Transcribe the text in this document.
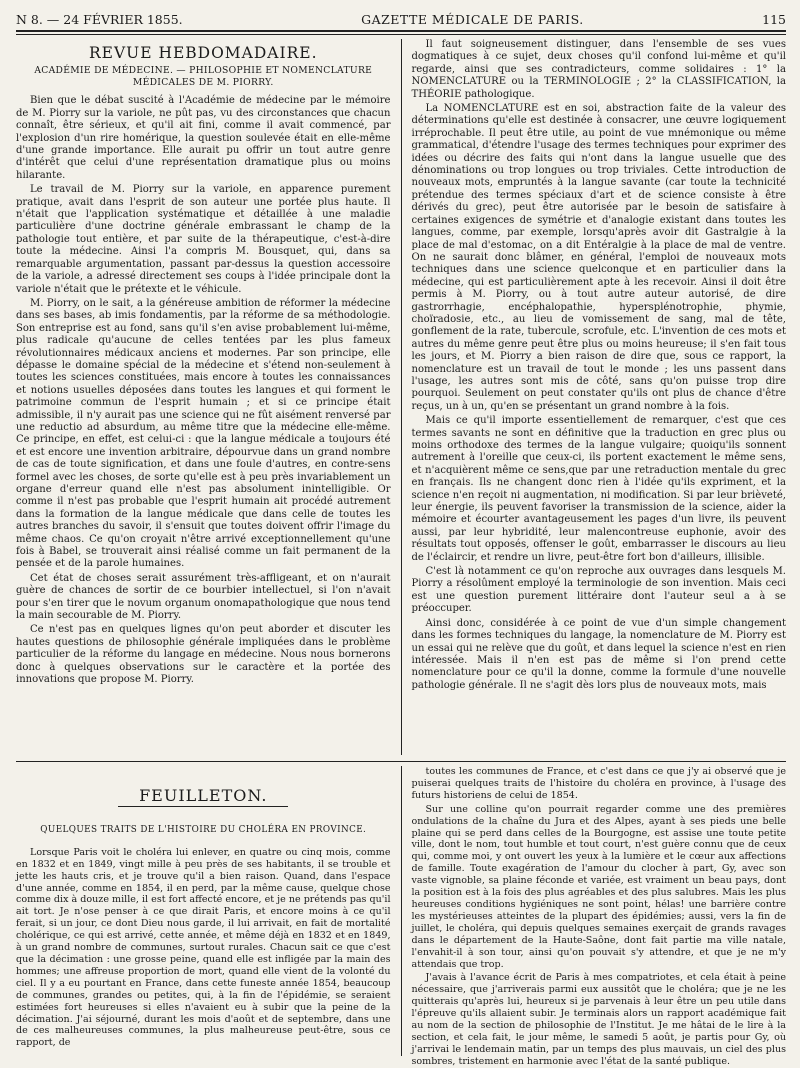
N 8. — 24 FÉVRIER 1855.	GAZETTE MÉDICALE DE PARIS.	115
REVUE HEBDOMADAIRE.
ACADÉMIE DE MÉDECINE. — PHILOSOPHIE ET NOMENCLATURE MÉDICALES DE M. PIORRY.

Bien que le débat suscité à l'Académie de médecine par le mémoire de M. Piorry sur la variole, ne pût pas, vu des circonstances que chacun connaît, être sérieux, et qu'il ait fini, comme il avait commencé, par l'explosion d'un rire homérique, la question soulevée était en elle-même d'une grande importance. Elle aurait pu offrir un tout autre genre d'intérêt que celui d'une représentation dramatique plus ou moins hilarante.

Le travail de M. Piorry sur la variole, en apparence purement pratique, avait dans l'esprit de son auteur une portée plus haute. Il n'était que l'application systématique et détaillée à une maladie particulière d'une doctrine générale embrassant le champ de la pathologie tout entière, et par suite de la thérapeutique, c'est-à-dire toute la médecine. Ainsi l'a compris M. Bousquet, qui, dans sa remarquable argumentation, passant par-dessus la question accessoire de la variole, a adressé directement ses coups à l'idée principale dont la variole n'était que le prétexte et le véhicule.

M. Piorry, on le sait, a la généreuse ambition de réformer la médecine dans ses bases, ab imis fondamentis, par la réforme de sa méthodologie. Son entreprise est au fond, sans qu'il s'en avise probablement lui-même, plus radicale qu'aucune de celles tentées par les plus fameux révolutionnaires médicaux anciens et modernes. Par son principe, elle dépasse le domaine spécial de la médecine et s'étend non-seulement à toutes les sciences constituées, mais encore à toutes les connaissances et notions usuelles déposées dans toutes les langues et qui forment le patrimoine commun de l'esprit humain ; et si ce principe était admissible, il n'y aurait pas une science qui ne fût aisément renversé par une reductio ad absurdum, au même titre que la médecine elle-même. Ce principe, en effet, est celui-ci : que la langue médicale a toujours été et est encore une invention arbitraire, dépourvue dans un grand nombre de cas de toute signification, et dans une foule d'autres, en contre-sens formel avec les choses, de sorte qu'elle est à peu près invariablement un organe d'erreur quand elle n'est pas absolument inintelligible. Or comme il n'est pas probable que l'esprit humain ait procédé autrement dans la formation de la langue médicale que dans celle de toutes les autres branches du savoir, il s'ensuit que toutes doivent offrir l'image du même chaos. Ce qu'on croyait n'être arrivé exceptionnellement qu'une fois à Babel, se trouverait ainsi réalisé comme un fait permanent de la pensée et de la parole humaines.

Cet état de choses serait assurément très-affligeant, et on n'aurait guère de chances de sortir de ce bourbier intellectuel, si l'on n'avait pour s'en tirer que le novum organum onomapathologique que nous tend la main secourable de M. Piorry.

Ce n'est pas en quelques lignes qu'on peut aborder et discuter les hautes questions de philosophie générale impliquées dans le problème particulier de la réforme du langage en médecine. Nous nous bornerons donc à quelques observations sur le caractère et la portée des innovations que propose M. Piorry.

Il faut soigneusement distinguer, dans l'ensemble de ses vues dogmatiques à ce sujet, deux choses qu'il confond lui-même et qu'il regarde, ainsi que ses contradicteurs, comme solidaires : 1° la NOMENCLATURE ou la TERMINOLOGIE ; 2° la CLASSIFICATION, la THÉORIE pathologique.

La NOMENCLATURE est en soi, abstraction faite de la valeur des déterminations qu'elle est destinée à consacrer, une œuvre logiquement irréprochable. Il peut être utile, au point de vue mnémonique ou même grammatical, d'étendre l'usage des termes techniques pour exprimer des idées ou décrire des faits qui n'ont dans la langue usuelle que des dénominations ou trop longues ou trop triviales. Cette introduction de nouveaux mots, empruntés à la langue savante (car toute la technicité prétendue des termes spéciaux d'art et de science consiste à être dérivés du grec), peut être autorisée par le besoin de satisfaire à certaines exigences de symétrie et d'analogie existant dans toutes les langues, comme, par exemple, lorsqu'après avoir dit Gastralgie à la place de mal d'estomac, on a dit Entéralgie à la place de mal de ventre. On ne saurait donc blâmer, en général, l'emploi de nouveaux mots techniques dans une science quelconque et en particulier dans la médecine, qui est particulièrement apte à les recevoir. Ainsi il doit être permis à M. Piorry, ou à tout autre auteur autorisé, de dire gastrorrhagie, encéphalopathie, hypersplénotrophie, phymie, choïradosie, etc., au lieu de vomissement de sang, mal de tête, gonflement de la rate, tubercule, scrofule, etc. L'invention de ces mots et autres du même genre peut être plus ou moins heureuse; il s'en fait tous les jours, et M. Piorry a bien raison de dire que, sous ce rapport, la nomenclature est un travail de tout le monde ; les uns passent dans l'usage, les autres sont mis de côté, sans qu'on puisse trop dire pourquoi. Seulement on peut constater qu'ils ont plus de chance d'être reçus, un à un, qu'en se présentant un grand nombre à la fois.

Mais ce qu'il importe essentiellement de remarquer, c'est que ces termes savants ne sont en définitive que la traduction en grec plus ou moins orthodoxe des termes de la langue vulgaire; quoiqu'ils sonnent autrement à l'oreille que ceux-ci, ils portent exactement le même sens, et n'acquièrent même ce sens,que par une retraduction mentale du grec en français. Ils ne changent donc rien à l'idée qu'ils expriment, et la science n'en reçoit ni augmentation, ni modification. Si par leur brièveté, leur énergie, ils peuvent favoriser la transmission de la science, aider la mémoire et écourter avantageusement les pages d'un livre, ils peuvent aussi, par leur hybridité, leur malencontreuse euphonie, avoir des résultats tout opposés, offenser le goût, embarrasser le discours au lieu de l'éclaircir, et rendre un livre, peut-être fort bon d'ailleurs, illisible.

C'est là notamment ce qu'on reproche aux ouvrages dans lesquels M. Piorry a résolûment employé la terminologie de son invention. Mais ceci est une question purement littéraire dont l'auteur seul a à se préoccuper.

Ainsi donc, considérée à ce point de vue d'un simple changement dans les formes techniques du langage, la nomenclature de M. Piorry est un essai qui ne relève que du goût, et dans lequel la science n'est en rien intéressée. Mais il n'en est pas de même si l'on prend cette nomenclature pour ce qu'il la donne, comme la formule d'une nouvelle pathologie générale. Il ne s'agit dès lors plus de nouveaux mots, mais

FEUILLETON.
QUELQUES TRAITS DE L'HISTOIRE DU CHOLÉRA EN PROVINCE.

Lorsque Paris voit le choléra lui enlever, en quatre ou cinq mois, comme en 1832 et en 1849, vingt mille à peu près de ses habitants, il se trouble et jette les hauts cris, et je trouve qu'il a bien raison. Quand, dans l'espace d'une année, comme en 1854, il en perd, par la même cause, quelque chose comme dix à douze mille, il est fort affecté encore, et je ne prétends pas qu'il ait tort. Je n'ose penser à ce que dirait Paris, et encore moins à ce qu'il ferait, si un jour, ce dont Dieu nous garde, il lui arrivait, en fait de mortalité cholérique, ce qui est arrivé, cette année, et même déjà en 1832 et en 1849, à un grand nombre de communes, surtout rurales. Chacun sait ce que c'est que la décimation : une grosse peine, quand elle est infligée par la main des hommes; une affreuse proportion de mort, quand elle vient de la volonté du ciel. Il y a eu pourtant en France, dans cette funeste année 1854, beaucoup de communes, grandes ou petites, qui, à la fin de l'épidémie, se seraient estimées fort heureuses si elles n'avaient eu à subir que la peine de la décimation. J'ai séjourné, durant les mois d'août et de septembre, dans une de ces malheureuses communes, la plus malheureuse peut-être, sous ce rapport, de

toutes les communes de France, et c'est dans ce que j'y ai observé que je puiserai quelques traits de l'histoire du choléra en province, à l'usage des futurs historiens de celui de 1854.

Sur une colline qu'on pourrait regarder comme une des premières ondulations de la chaîne du Jura et des Alpes, ayant à ses pieds une belle plaine qui se perd dans celles de la Bourgogne, est assise une toute petite ville, dont le nom, tout humble et tout court, n'est guère connu que de ceux qui, comme moi, y ont ouvert les yeux à la lumière et le cœur aux affections de famille. Toute exagération de l'amour du clocher à part, Gy, avec son vaste vignoble, sa plaine féconde et variée, est vraiment un beau pays, dont la position est à la fois des plus agréables et des plus salubres. Mais les plus heureuses conditions hygiéniques ne sont point, hélas! une barrière contre les mystérieuses atteintes de la plupart des épidémies; aussi, vers la fin de juillet, le choléra, qui depuis quelques semaines exerçait de grands ravages dans le département de la Haute-Saône, dont fait partie ma ville natale, l'envahit-il à son tour, ainsi qu'on pouvait s'y attendre, et que je ne m'y attendais que trop.

J'avais à l'avance écrit de Paris à mes compatriotes, et cela était à peine nécessaire, que j'arriverais parmi eux aussitôt que le choléra; que je ne les quitterais qu'après lui, heureux si je parvenais à leur être un peu utile dans l'épreuve qu'ils allaient subir. Je terminais alors un rapport académique fait au nom de la section de philosophie de l'Institut. Je me hâtai de le lire à la section, et cela fait, le jour même, le samedi 5 août, je partis pour Gy, où j'arrivai le lendemain matin, par un temps des plus mauvais, un ciel des plus sombres, tristement en harmonie avec l'état de la santé publique.
